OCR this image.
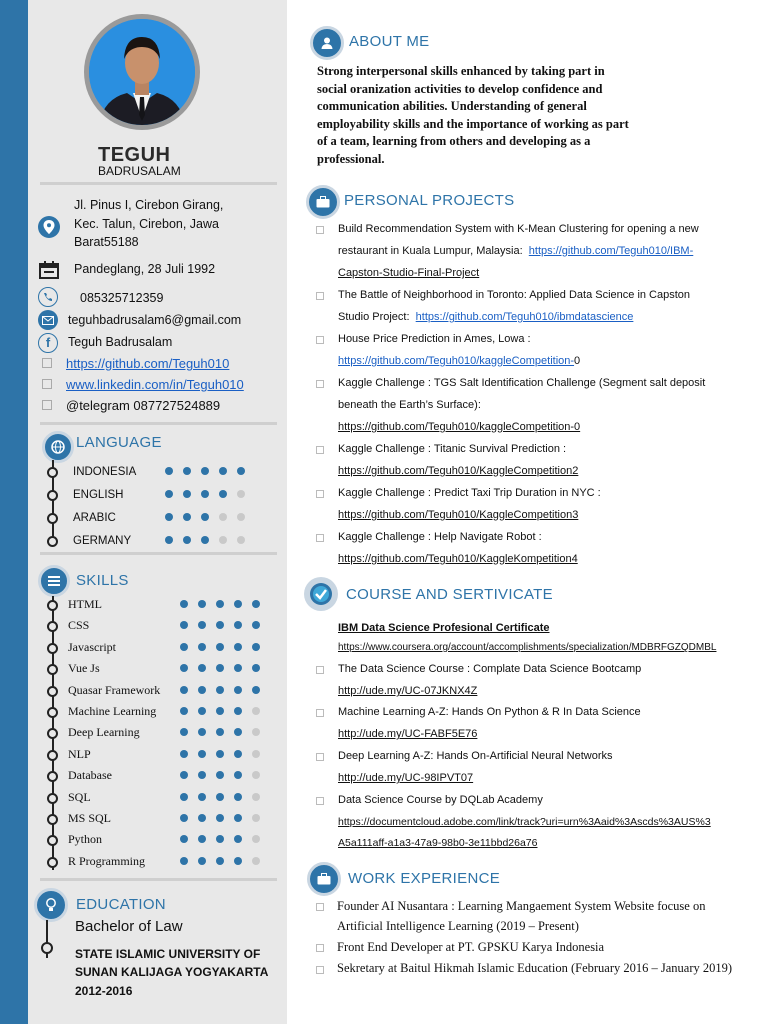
TEGUH
BADRUSALAM
Jl. Pinus I, Cirebon Girang,
Kec. Talun, Cirebon, Jawa
Barat55188
Pandeglang, 28 Juli 1992
085325712359
teguhbadrusalam6@gmail.com
f	Teguh Badrusalam
https://github.com/Teguh010
www.linkedin.com/in/Teguh010
@telegram 087727524889
LANGUAGE
INDONESIA
ENGLISH
ARABIC
GERMANY
SKILLS
HTML
CSS
Javascript
Vue Js
Quasar Framework
Machine Learning
Deep Learning
NLP
Database
SQL
MS SQL
Python
R Programming
EDUCATION
Bachelor of Law
STATE ISLAMIC UNIVERSITY OF
SUNAN KALIJAGA YOGYAKARTA
2012-2016
ABOUT ME
Strong interpersonal skills enhanced by taking part in
social oranization activities to develop confidence and
communication abilities. Understanding of general
employability skills and the importance of working as part
of a team, learning from others and developing as a
professional.
PERSONAL PROJECTS
Build Recommendation System with K-Mean Clustering for opening a new
restaurant in Kuala Lumpur, Malaysia: https://github.com/Teguh010/IBM-
Capston-Studio-Final-Project
The Battle of Neighborhood in Toronto: Applied Data Science in Capston
Studio Project: https://github.com/Teguh010/ibmdatascience
House Price Prediction in Ames, Lowa :
https://github.com/Teguh010/kaggleCompetition-0
Kaggle Challenge : TGS Salt Identification Challenge (Segment salt deposit
beneath the Earth’s Surface):
https://github.com/Teguh010/kaggleCompetition-0
Kaggle Challenge : Titanic Survival Prediction :
https://github.com/Teguh010/KaggleCompetition2
Kaggle Challenge : Predict Taxi Trip Duration in NYC :
https://github.com/Teguh010/KaggleCompetition3
Kaggle Challenge : Help Navigate Robot :
https://github.com/Teguh010/KaggleKompetition4
COURSE AND SERTIVICATE
IBM Data Science Profesional Certificate
https://www.coursera.org/account/accomplishments/specialization/MDBRFGZQDMBL
The Data Science Course : Complate Data Science Bootcamp
http://ude.my/UC-07JKNX4Z
Machine Learning A-Z: Hands On Python & R In Data Science
http://ude.my/UC-FABF5E76
Deep Learning A-Z: Hands On-Artificial Neural Networks
http://ude.my/UC-98IPVT07
Data Science Course by DQLab Academy
https://documentcloud.adobe.com/link/track?uri=urn%3Aaid%3Ascds%3AUS%3
A5a111aff-a1a3-47a9-98b0-3e11bbd26a76
WORK EXPERIENCE
Founder AI Nusantara : Learning Mangaement System Website focuse on
Artificial Intelligence Learning (2019 – Present)
Front End Developer at PT. GPSKU Karya Indonesia
Sekretary at Baitul Hikmah Islamic Education (February 2016 – January 2019)
